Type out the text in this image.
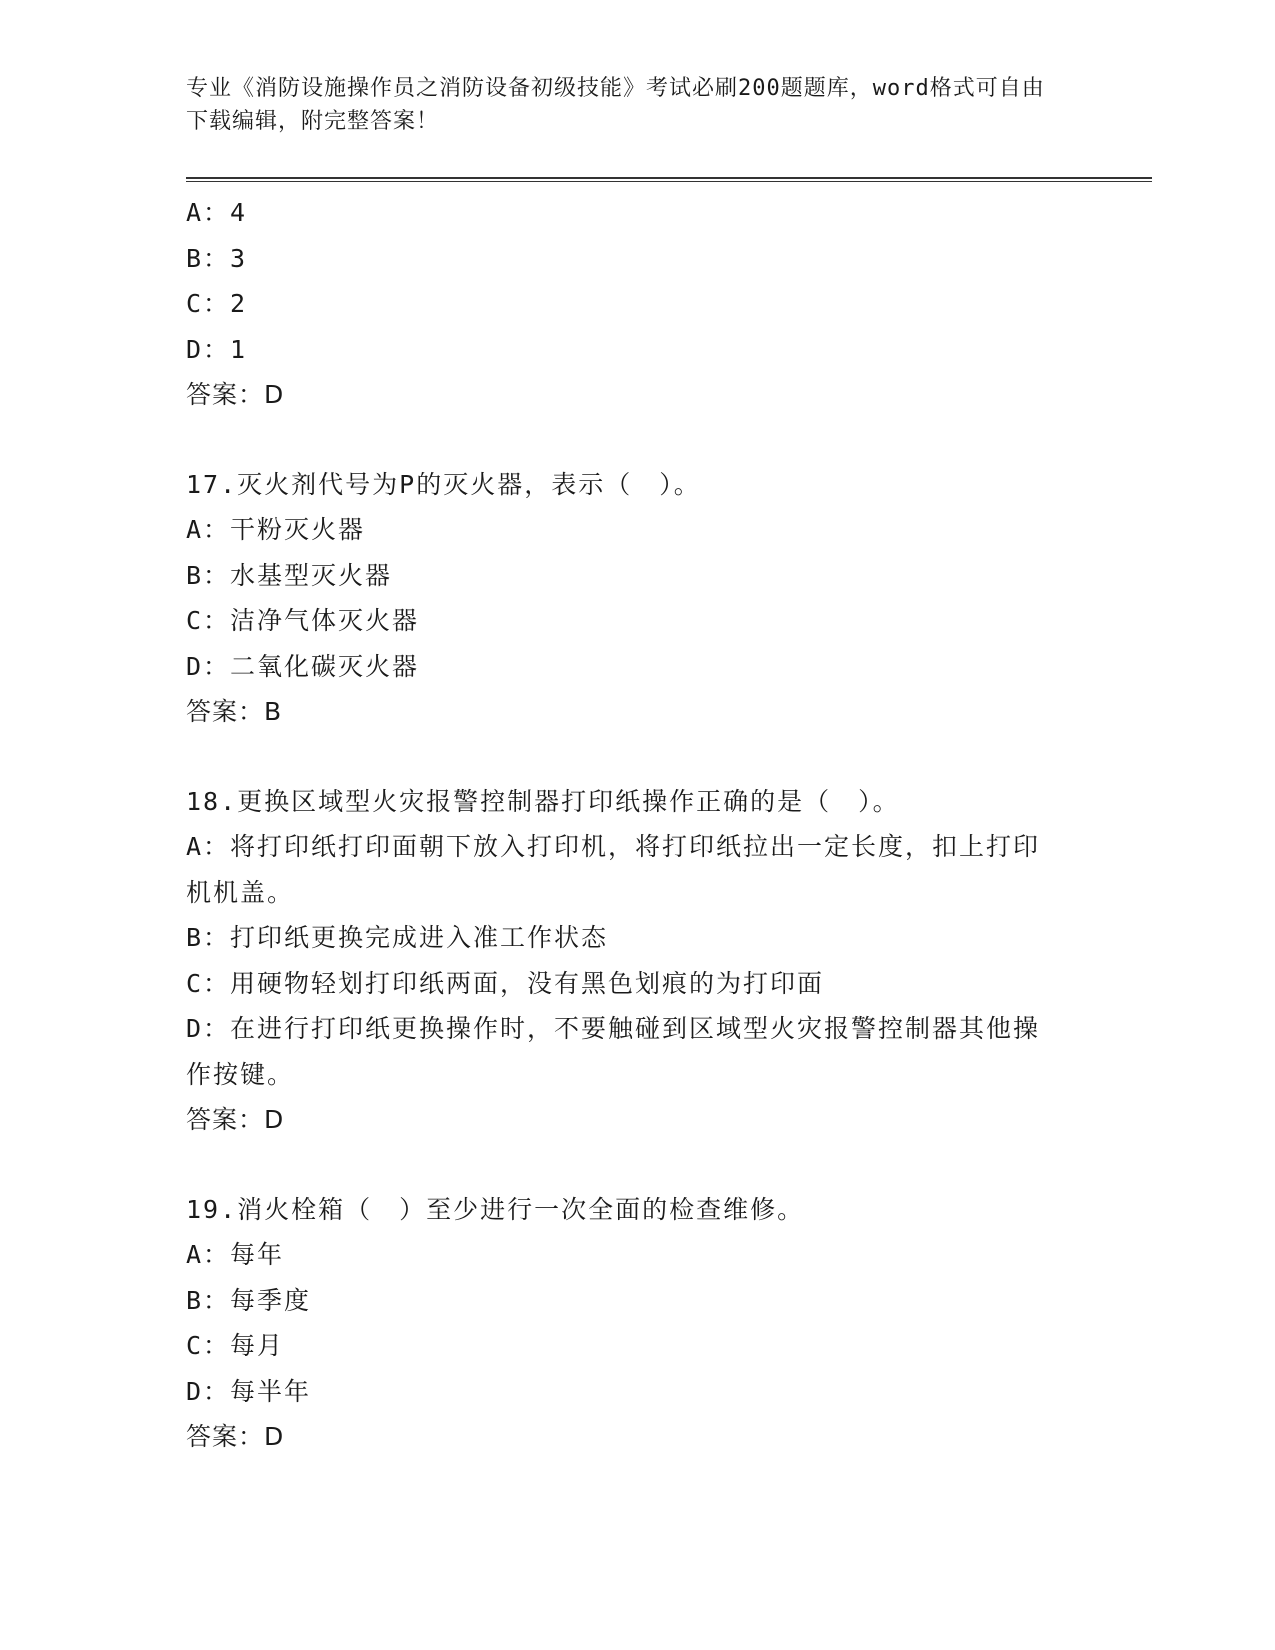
专业《消防设施操作员之消防设备初级技能》考试必刷200题题库，word格式可自由下载编辑，附完整答案！
A：4
B：3
C：2
D：1
答案：D
17.灭火剂代号为P的灭火器，表示（　）。
A：干粉灭火器
B：水基型灭火器
C：洁净气体灭火器
D：二氧化碳灭火器
答案：B
18.更换区域型火灾报警控制器打印纸操作正确的是（　）。
A：将打印纸打印面朝下放入打印机，将打印纸拉出一定长度，扣上打印机机盖。
B：打印纸更换完成进入准工作状态
C：用硬物轻划打印纸两面，没有黑色划痕的为打印面
D：在进行打印纸更换操作时，不要触碰到区域型火灾报警控制器其他操作按键。
答案：D
19.消火栓箱（　）至少进行一次全面的检查维修。
A：每年
B：每季度
C：每月
D：每半年
答案：D
